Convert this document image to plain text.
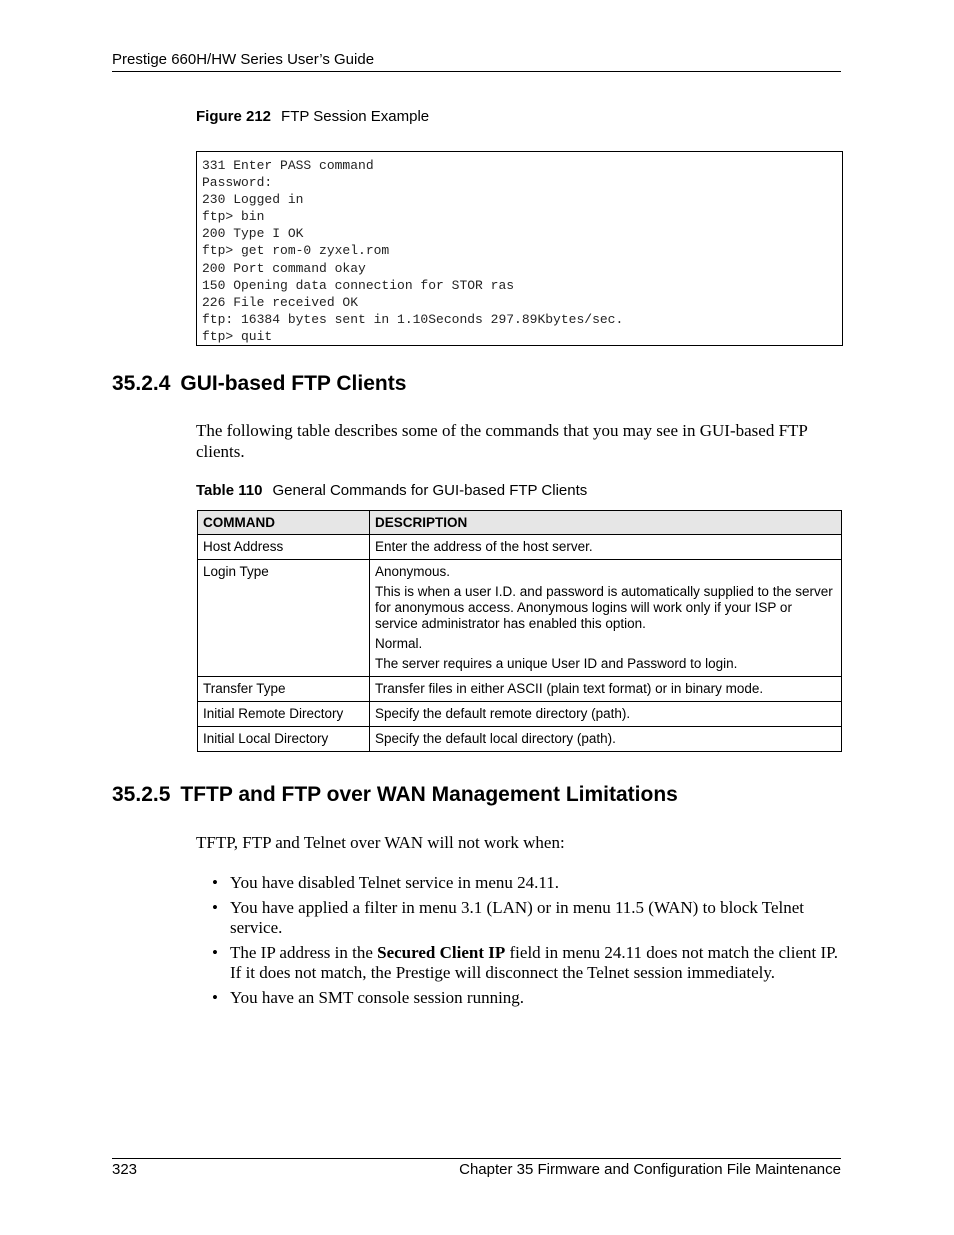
Prestige 660H/HW Series User’s Guide
Figure 212 FTP Session Example
331 Enter PASS command
Password:
230 Logged in
ftp> bin
200 Type I OK
ftp> get rom-0 zyxel.rom
200 Port command okay
150 Opening data connection for STOR ras
226 File received OK
ftp: 16384 bytes sent in 1.10Seconds 297.89Kbytes/sec.
ftp> quit
35.2.4 GUI-based FTP Clients
The following table describes some of the commands that you may see in GUI-based FTP clients.
Table 110 General Commands for GUI-based FTP Clients
COMMAND	DESCRIPTION
Host Address	Enter the address of the host server.

Login Type	Anonymous.

This is when a user I.D. and password is automatically supplied to the server for anonymous access. Anonymous logins will work only if your ISP or service administrator has enabled this option.

Normal.

The server requires a unique User ID and Password to login.

Transfer Type	Transfer files in either ASCII (plain text format) or in binary mode.

Initial Remote Directory	Specify the default remote directory (path).

Initial Local Directory	Specify the default local directory (path).

35.2.5 TFTP and FTP over WAN Management Limitations
TFTP, FTP and Telnet over WAN will not work when:
• You have disabled Telnet service in menu 24.11.
• You have applied a filter in menu 3.1 (LAN) or in menu 11.5 (WAN) to block Telnet service.
• The IP address in the Secured Client IP field in menu 24.11 does not match the client IP. If it does not match, the Prestige will disconnect the Telnet session immediately.
• You have an SMT console session running.
323	Chapter 35 Firmware and Configuration File Maintenance
